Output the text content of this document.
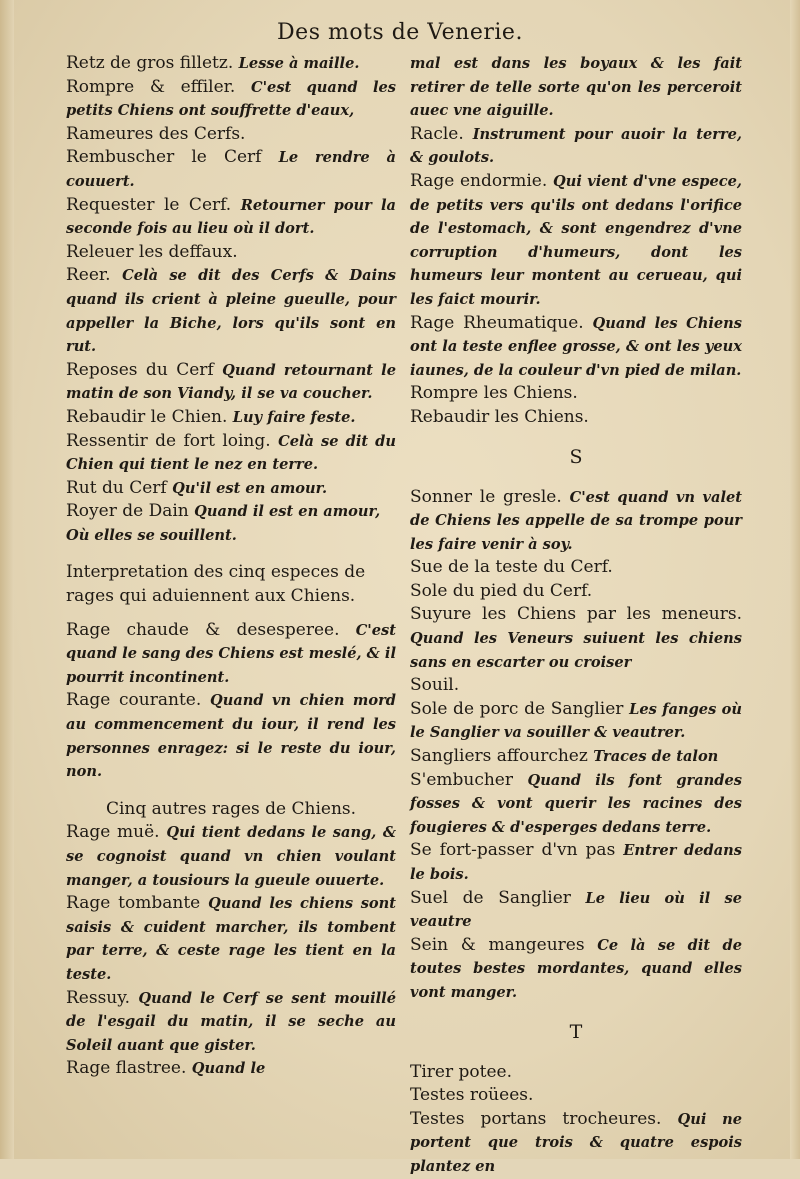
Des mots de Venerie.
Retz de gros filletz. Lesse à maille.
Rompre & effiler. C'est quand les petits Chiens ont souffrette d'eaux,
Rameures des Cerfs.
Rembuscher le Cerf Le rendre à couuert.
Requester le Cerf. Retourner pour la seconde fois au lieu où il dort.
Releuer les deffaux.
Reer. Celà se dit des Cerfs & Dains quand ils crient à pleine gueulle, pour appeller la Biche, lors qu'ils sont en rut.
Reposes du Cerf Quand retournant le matin de son Viandy, il se va coucher.
Rebaudir le Chien. Luy faire feste.
Ressentir de fort loing. Celà se dit du Chien qui tient le nez en terre.
Rut du Cerf Qu'il est en amour.
Royer de Dain Quand il est en amour,
Où elles se souillent.
Interpretation des cinq especes de rages qui aduiennent aux Chiens.
Rage chaude & desesperee. C'est quand le sang des Chiens est meslé, & il pourrit incontinent.
Rage courante. Quand vn chien mord au commencement du iour, il rend les personnes enragez: si le reste du iour, non.
Cinq autres rages de Chiens.
Rage muë. Qui tient dedans le sang, & se cognoist quand vn chien voulant manger, a tousiours la gueule ouuerte.
Rage tombante Quand les chiens sont saisis & cuident marcher, ils tombent par terre, & ceste rage les tient en la teste.
Ressuy. Quand le Cerf se sent mouillé de l'esgail du matin, il se seche au Soleil auant que gister.
Rage flastree. Quand le
mal est dans les boyaux & les fait retirer de telle sorte qu'on les perceroit auec vne aiguille.
Racle. Instrument pour auoir la terre, & goulots.
Rage endormie. Qui vient d'vne espece, de petits vers qu'ils ont dedans l'orifice de l'estomach, & sont engendrez d'vne corruption d'humeurs, dont les humeurs leur montent au cerueau, qui les faict mourir.
Rage Rheumatique. Quand les Chiens ont la teste enflee grosse, & ont les yeux iaunes, de la couleur d'vn pied de milan.
Rompre les Chiens.
Rebaudir les Chiens.
S
Sonner le gresle. C'est quand vn valet de Chiens les appelle de sa trompe pour les faire venir à soy.
Sue de la teste du Cerf.
Sole du pied du Cerf.
Suyure les Chiens par les meneurs. Quand les Veneurs suiuent les chiens sans en escarter ou croiser
Souil.
Sole de porc de Sanglier Les fanges où le Sanglier va souiller & veautrer.
Sangliers affourchez Traces de talon
S'embucher Quand ils font grandes fosses & vont querir les racines des fougieres & d'esperges dedans terre.
Se fort-passer d'vn pas Entrer dedans le bois.
Suel de Sanglier Le lieu où il se veautre
Sein & mangeures Ce là se dit de toutes bestes mordantes, quand elles vont manger.
T
Tirer potee.
Testes roüees.
Testes portans trocheures. Qui ne portent que trois & quatre espois plantez en
